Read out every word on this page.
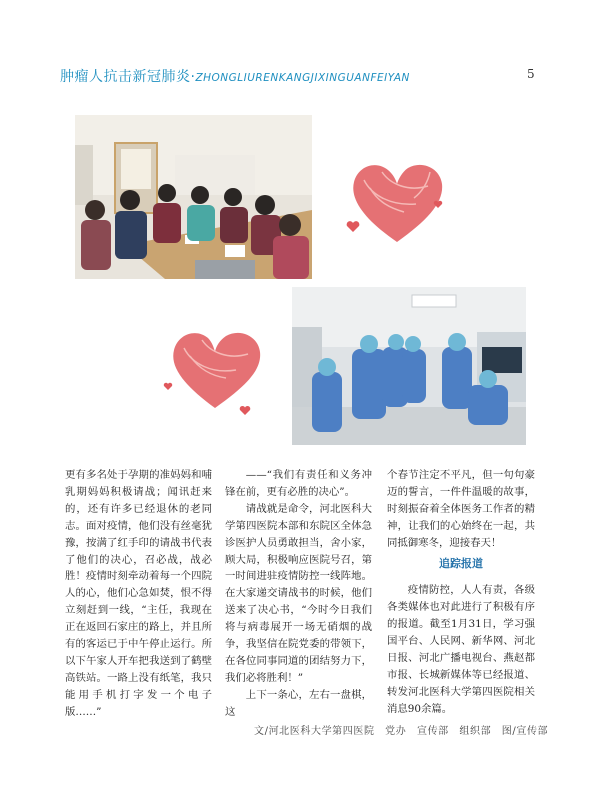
肿瘤人抗击新冠肺炎·ZHONGLIURENKANGJIXINGUANFEIYAN	5

更有多名处于孕期的准妈妈和哺乳期妈妈积极请战；闻讯赶来的，还有许多已经退休的老同志。面对疫情，他们没有丝毫犹豫，按满了红手印的请战书代表了他们的决心，召必战，战必胜！疫情时刻牵动着每一个四院人的心，他们心急如焚，恨不得立刻赶到一线，“主任，我现在正在返回石家庄的路上，并且所有的客运已于中午停止运行。所以下午家人开车把我送到了鹤壁高铁站。一路上没有纸笔，我只能用手机打字发一个电子版……”

——“我们有责任和义务冲锋在前，更有必胜的决心”。

请战就是命令，河北医科大学第四医院本部和东院区全体急诊医护人员勇敢担当，舍小家，顾大局，积极响应医院号召，第一时间进驻疫情防控一线阵地。在大家递交请战书的时候，他们送来了决心书，“今时今日我们将与病毒展开一场无硝烟的战争，我坚信在院党委的带领下，在各位同事同道的团结努力下，我们必将胜利！”

上下一条心，左右一盘棋，这

个春节注定不平凡，但一句句豪迈的誓言，一件件温暖的故事，时刻振奋着全体医务工作者的精神，让我们的心始终在一起，共同抵御寒冬，迎接春天！

追踪报道

疫情防控，人人有责，各级各类媒体也对此进行了积极有序的报道。截至1月31日，学习强国平台、人民网、新华网、河北日报、河北广播电视台、燕赵都市报、长城新媒体等已经报道、转发河北医科大学第四医院相关消息90余篇。

文/河北医科大学第四医院　党办　宣传部　组织部　图/宣传部
